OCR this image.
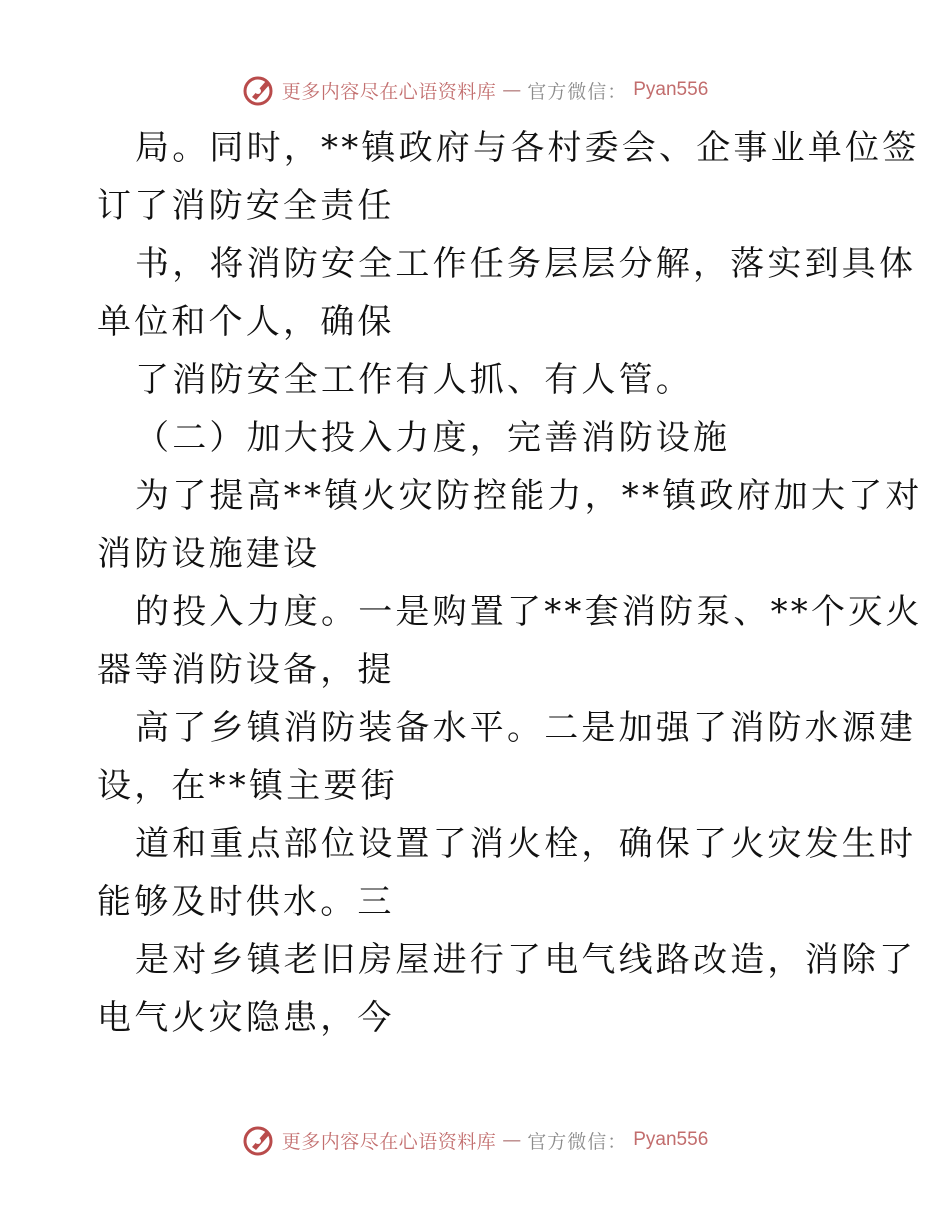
更多内容尽在心语资料库 — 官方微信： Pyan556
局。同时，**镇政府与各村委会、企事业单位签
订了消防安全责任
书，将消防安全工作任务层层分解，落实到具体
单位和个人，确保
了消防安全工作有人抓、有人管。
（二）加大投入力度，完善消防设施
为了提高**镇火灾防控能力，**镇政府加大了对
消防设施建设
的投入力度。一是购置了**套消防泵、**个灭火
器等消防设备，提
高了乡镇消防装备水平。二是加强了消防水源建
设，在**镇主要街
道和重点部位设置了消火栓，确保了火灾发生时
能够及时供水。三
是对乡镇老旧房屋进行了电气线路改造，消除了
电气火灾隐患，今
更多内容尽在心语资料库 — 官方微信： Pyan556
